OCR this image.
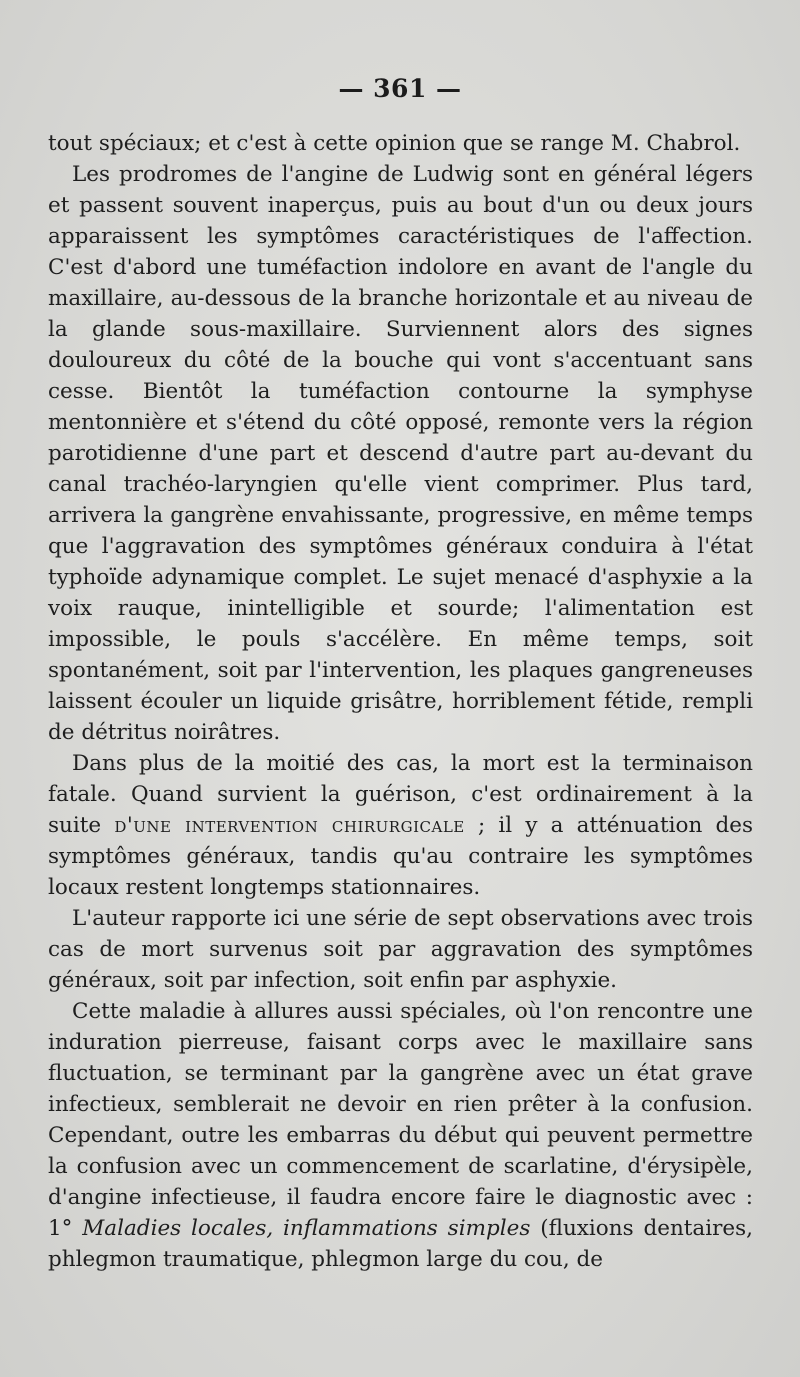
— 361 —

tout spéciaux; et c'est à cette opinion que se range M. Chabrol.

Les prodromes de l'angine de Ludwig sont en général légers et passent souvent inaperçus, puis au bout d'un ou deux jours apparaissent les symptômes caractéristiques de l'affection. C'est d'abord une tuméfaction indolore en avant de l'angle du maxillaire, au-dessous de la branche horizontale et au niveau de la glande sous-maxillaire. Surviennent alors des signes douloureux du côté de la bouche qui vont s'accentuant sans cesse. Bientôt la tuméfaction contourne la symphyse mentonnière et s'étend du côté opposé, remonte vers la région parotidienne d'une part et descend d'autre part au-devant du canal trachéo-laryngien qu'elle vient comprimer. Plus tard, arrivera la gangrène envahissante, progressive, en même temps que l'aggravation des symptômes généraux conduira à l'état typhoïde adynamique complet. Le sujet menacé d'asphyxie a la voix rauque, inintelligible et sourde; l'alimentation est impossible, le pouls s'accélère. En même temps, soit spontanément, soit par l'intervention, les plaques gangreneuses laissent écouler un liquide grisâtre, horriblement fétide, rempli de détritus noirâtres.

Dans plus de la moitié des cas, la mort est la terminaison fatale. Quand survient la guérison, c'est ordinairement à la suite d'une intervention chirurgicale ; il y a atténuation des symptômes généraux, tandis qu'au contraire les symptômes locaux restent longtemps stationnaires.

L'auteur rapporte ici une série de sept observations avec trois cas de mort survenus soit par aggravation des symptômes généraux, soit par infection, soit enfin par asphyxie.

Cette maladie à allures aussi spéciales, où l'on rencontre une induration pierreuse, faisant corps avec le maxillaire sans fluctuation, se terminant par la gangrène avec un état grave infectieux, semblerait ne devoir en rien prêter à la confusion. Cependant, outre les embarras du début qui peuvent permettre la confusion avec un commencement de scarlatine, d'érysipèle, d'angine infectieuse, il faudra encore faire le diagnostic avec : 1° Maladies locales, inflammations simples (fluxions dentaires, phlegmon traumatique, phlegmon large du cou, de
